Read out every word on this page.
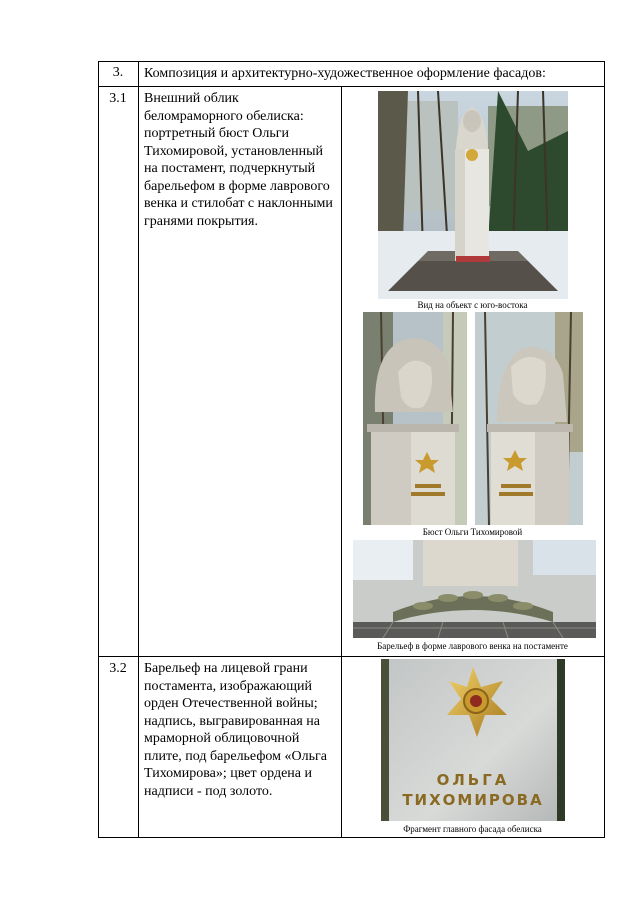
3.	Композиция и архитектурно-художественное оформление фасадов:
3.1	Внешний облик беломраморного обелиска: портретный бюст Ольги Тихомировой, установленный на постамент, подчеркнутый барельефом в форме лаврового венка и стилобат с наклонными гранями покрытия.
Вид на объект с юго-востока
Бюст Ольги Тихомировой
Барельеф в форме лаврового венка на постаменте
3.2	Барельеф на лицевой грани постамента, изображающий орден Отечественной войны; надпись, выгравированная на мраморной облицовочной плите, под барельефом «Ольга Тихомирова»; цвет ордена и надписи - под золото.
ОЛЬГА
ТИХОМИРОВА
Фрагмент главного фасада обелиска
